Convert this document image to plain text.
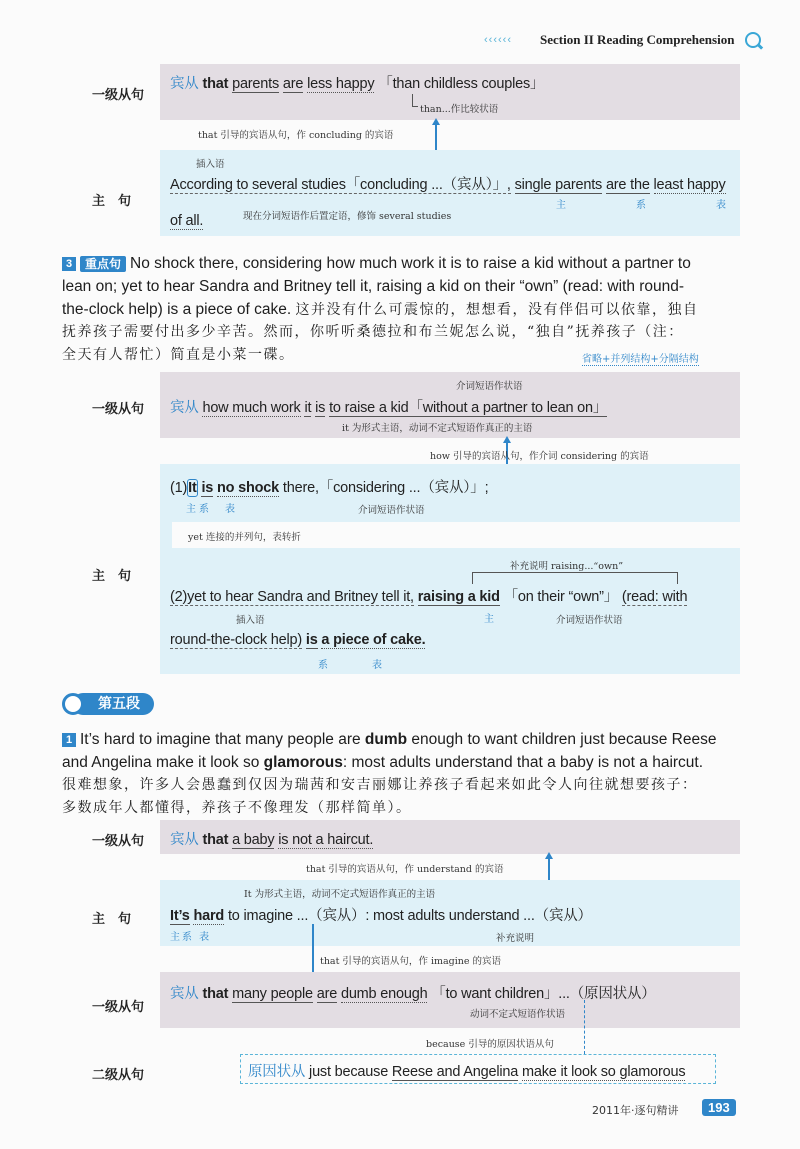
‹‹‹‹‹‹ Section II Reading Comprehension
一级从句
宾从 that parents are less happy 「than childless couples」
than...作比较状语
that 引导的宾语从句，作 concluding 的宾语
主　句
插入语
According to several studies「concluding ...（宾从）」, single parents are the least happy
主　系　表
of all.	现在分词短语作后置定语，修饰 several studies
3 重点句 No shock there, considering how much work it is to raise a kid without a partner to
lean on; yet to hear Sandra and Britney tell it, raising a kid on their “own” (read: with round-
the-clock help) is a piece of cake. 这并没有什么可震惊的，想想看，没有伴侣可以依靠，独自
抚养孩子需要付出多少辛苦。然而，你听听桑德拉和布兰妮怎么说，“独自”抚养孩子（注：
全天有人帮忙）简直是小菜一碟。	省略+并列结构+分隔结构
一级从句
介词短语作状语
宾从 how much work it is to raise a kid「without a partner to lean on」
it 为形式主语，动词不定式短语作真正的主语
how 引导的宾语从句，作介词 considering 的宾语
主　句
(1)It is no shock there,「considering ...（宾从）」;
主系　表	介词短语作状语
yet 连接的并列句，表转折
补充说明 raising...“own”
(2)yet to hear Sandra and Britney tell it, raising a kid 「on their “own”」 (read: with
插入语	主	介词短语作状语
round-the-clock help) is a piece of cake.
系　　表
第五段
1 It’s hard to imagine that many people are dumb enough to want children just because Reese
and Angelina make it look so glamorous: most adults understand that a baby is not a haircut.
很难想象，许多人会愚蠢到仅因为瑞茜和安吉丽娜让养孩子看起来如此令人向往就想要孩子：
多数成年人都懂得，养孩子不像理发（那样简单）。
一级从句 宾从 that a baby is not a haircut.
that 引导的宾语从句，作 understand 的宾语
主　句
It 为形式主语，动词不定式短语作真正的主语
It’s hard to imagine ...（宾从）: most adults understand ...（宾从）
主系 表	补充说明
that 引导的宾语从句，作 imagine 的宾语
一级从句
宾从 that many people are dumb enough 「to want children」...（原因状从）
动词不定式短语作状语
because 引导的原因状语从句
二级从句	原因状从 just because Reese and Angelina make it look so glamorous
2011年·逐句精讲	193
